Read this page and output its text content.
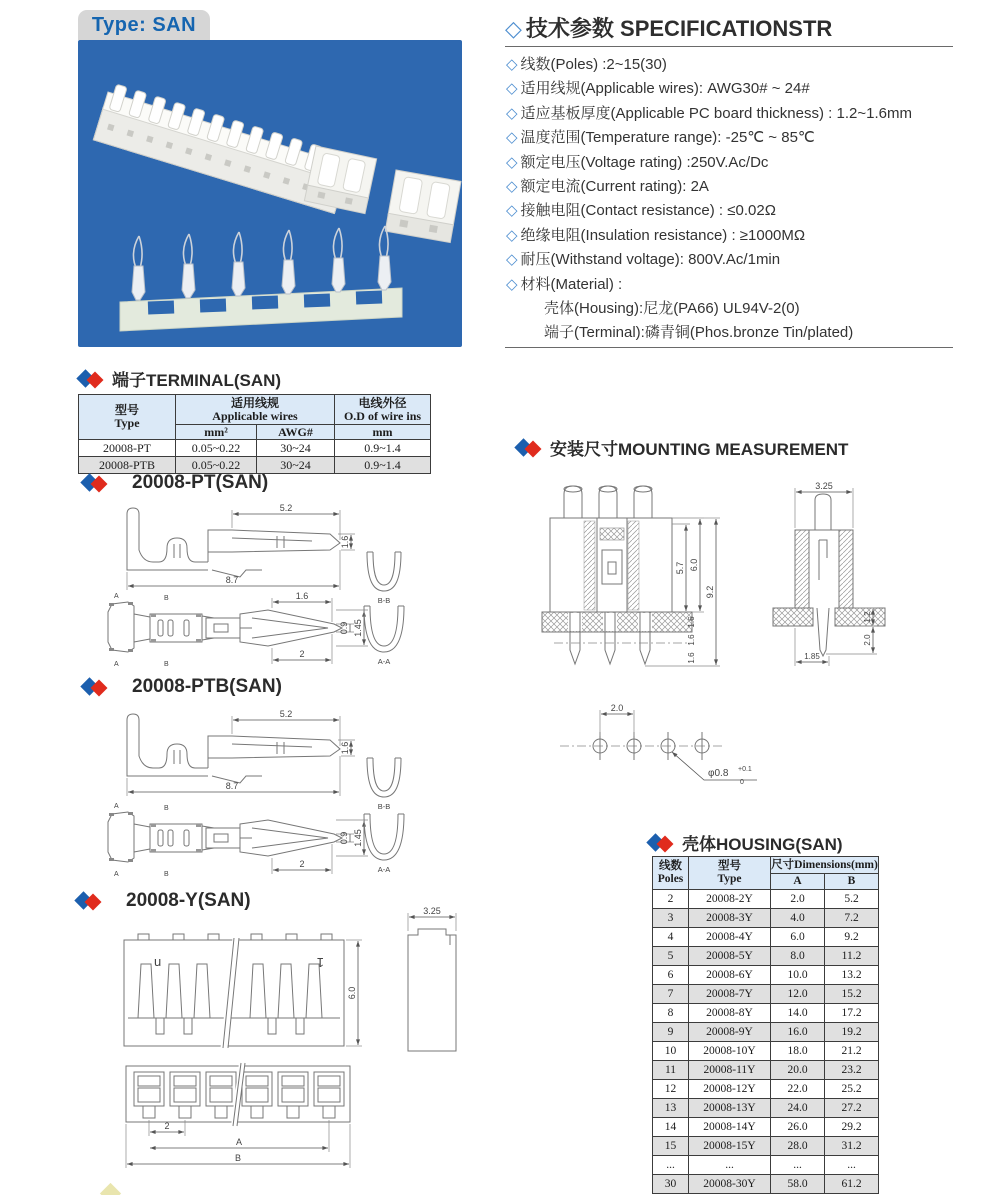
Type: SAN	◇ 技术参数 SPECIFICATIONSTR
◇ 线数(Poles) :2~15(30)
◇ 适用线规(Applicable wires): AWG30# ~ 24#
◇ 适应基板厚度(Applicable PC board thickness) : 1.2~1.6mm
◇ 温度范围(Temperature range): -25℃ ~ 85℃
◇ 额定电压(Voltage rating) :250V.Ac/Dc
◇ 额定电流(Current rating): 2A
◇ 接触电阻(Contact resistance) : ≤0.02Ω
◇ 绝缘电阻(Insulation resistance) : ≥1000MΩ
◇ 耐压(Withstand voltage): 800V.Ac/1min
◇ 材料(Material) :
壳体(Housing):尼龙(PA66) UL94V-2(0)
端子(Terminal):磷青铜(Phos.bronze Tin/plated)
端子TERMINAL(SAN)
型号
Type	适用线规
Applicable wires		电线外径
O.D of wire ins
	mm²	AWG#	mm
20008-PT	0.05~0.22	30~24	0.9~1.4
20008-PTB	0.05~0.22	30~24	0.9~1.4
20008-PT(SAN)
5.2
1.6
8.7
B-B
A
A
B
B
1.6
0.9 1.45
2
A-A
20008-PTB(SAN)
5.2
1.6
8.7
B-B
A
A
B
B
0.9 1.45
2
A-A
20008-Y(SAN)
u	1
6.0
3.25
2
A
B
安装尺寸MOUNTING MEASUREMENT
5.7 6.0
9.2
1.6
1.6
1.6
3.25
1.2
2.0
1.85
2.0
φ0.8 +0.1
0
壳体HOUSING(SAN)
线数
Poles	型号
Type	尺寸Dimensions(mm)	
		A	B
2	20008-2Y	2.0	5.2
3	20008-3Y	4.0	7.2
4	20008-4Y	6.0	9.2
5	20008-5Y	8.0	11.2
6	20008-6Y	10.0	13.2
7	20008-7Y	12.0	15.2
8	20008-8Y	14.0	17.2
9	20008-9Y	16.0	19.2
10	20008-10Y	18.0	21.2
11	20008-11Y	20.0	23.2
12	20008-12Y	22.0	25.2
13	20008-13Y	24.0	27.2
14	20008-14Y	26.0	29.2
15	20008-15Y	28.0	31.2
...	...	...	...
30	20008-30Y	58.0	61.2
